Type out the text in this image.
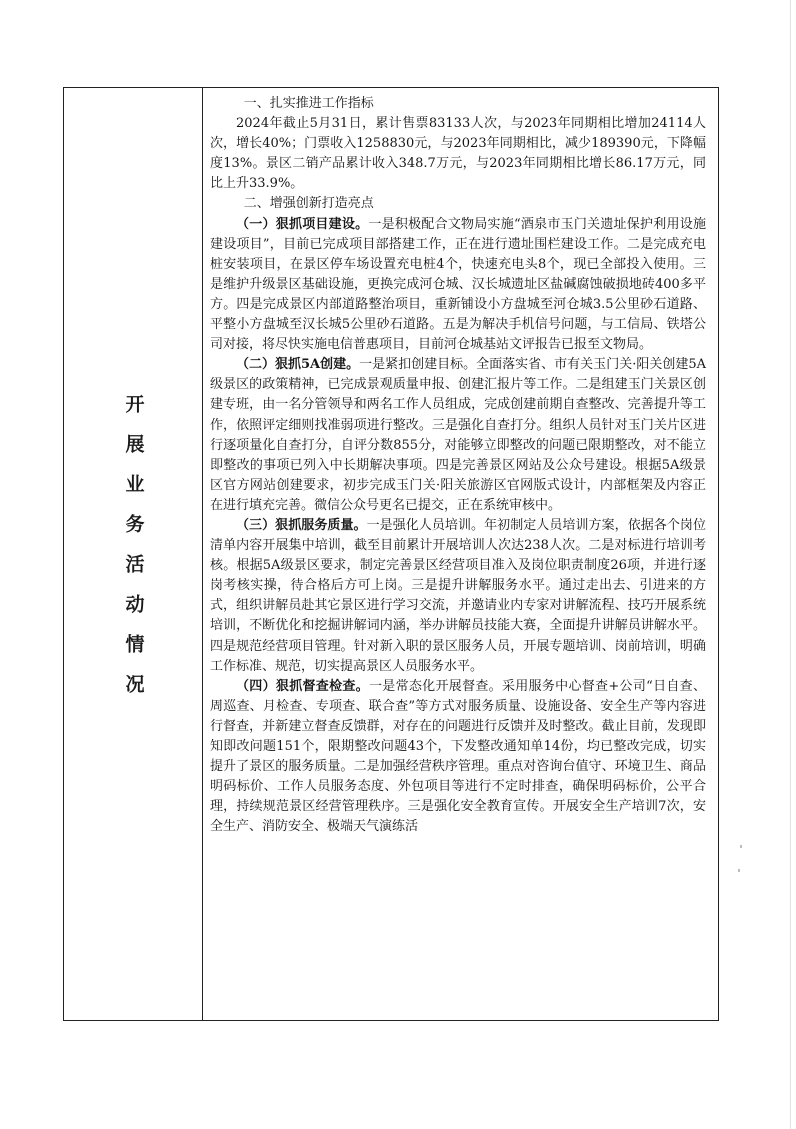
开展业务活动情况

一、扎实推进工作指标

2024年截止5月31日，累计售票83133人次，与2023年同期相比增加24114人次，增长40%；门票收入1258830元，与2023年同期相比，减少189390元，下降幅度13%。景区二销产品累计收入348.7万元，与2023年同期相比增长86.17万元，同比上升33.9%。

二、增强创新打造亮点

（一）狠抓项目建设。一是积极配合文物局实施“酒泉市玉门关遗址保护利用设施建设项目”，目前已完成项目部搭建工作，正在进行遗址围栏建设工作。二是完成充电桩安装项目，在景区停车场设置充电桩4个，快速充电头8个，现已全部投入使用。三是维护升级景区基础设施，更换完成河仓城、汉长城遗址区盐碱腐蚀破损地砖400多平方。四是完成景区内部道路整治项目，重新铺设小方盘城至河仓城3.5公里砂石道路、平整小方盘城至汉长城5公里砂石道路。五是为解决手机信号问题，与工信局、铁塔公司对接，将尽快实施电信普惠项目，目前河仓城基站文评报告已报至文物局。

（二）狠抓5A创建。一是紧扣创建目标。全面落实省、市有关玉门关·阳关创建5A级景区的政策精神，已完成景观质量申报、创建汇报片等工作。二是组建玉门关景区创建专班，由一名分管领导和两名工作人员组成，完成创建前期自查整改、完善提升等工作，依照评定细则找准弱项进行整改。三是强化自查打分。组织人员针对玉门关片区进行逐项量化自查打分，自评分数855分，对能够立即整改的问题已限期整改，对不能立即整改的事项已列入中长期解决事项。四是完善景区网站及公众号建设。根据5A级景区官方网站创建要求，初步完成玉门关·阳关旅游区官网版式设计，内部框架及内容正在进行填充完善。微信公众号更名已提交，正在系统审核中。

（三）狠抓服务质量。一是强化人员培训。年初制定人员培训方案，依据各个岗位清单内容开展集中培训，截至目前累计开展培训人次达238人次。二是对标进行培训考核。根据5A级景区要求，制定完善景区经营项目准入及岗位职责制度26项，并进行逐岗考核实操，待合格后方可上岗。三是提升讲解服务水平。通过走出去、引进来的方式，组织讲解员赴其它景区进行学习交流，并邀请业内专家对讲解流程、技巧开展系统培训，不断优化和挖掘讲解词内涵，举办讲解员技能大赛，全面提升讲解员讲解水平。四是规范经营项目管理。针对新入职的景区服务人员，开展专题培训、岗前培训，明确工作标准、规范，切实提高景区人员服务水平。

（四）狠抓督查检查。一是常态化开展督查。采用服务中心督查+公司“日自查、周巡查、月检查、专项查、联合查”等方式对服务质量、设施设备、安全生产等内容进行督查，并新建立督查反馈群，对存在的问题进行反馈并及时整改。截止目前，发现即知即改问题151个，限期整改问题43个，下发整改通知单14份，均已整改完成，切实提升了景区的服务质量。二是加强经营秩序管理。重点对咨询台值守、环境卫生、商品明码标价、工作人员服务态度、外包项目等进行不定时排查，确保明码标价，公平合理，持续规范景区经营管理秩序。三是强化安全教育宣传。开展安全生产培训7次，安全生产、消防安全、极端天气演练活
